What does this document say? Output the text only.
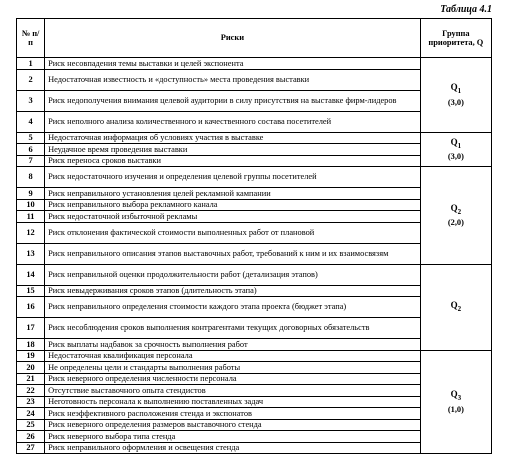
Таблица 4.1
№ п/п	Риски	Группа приоритета, Q
1	Риск несовпадения темы выставки и целей экспонента	$Q_1$
(3,0)

2	Недостаточная известность и «доступность» места проведения выставки	
3	Риск недополучения внимания целевой аудитории в силу присутствия на выставке фирм-лидеров	
4	Риск неполного анализа количественного и качественного состава посетителей	
5	Недостаточная информация об условиях участия в выставке	$Q_1$
(3,0)

6	Неудачное время проведения выставки	
7	Риск переноса сроков выставки	
8	Риск недостаточного изучения и определения целевой группы посетителей	$Q_2$
(2,0)

9	Риск неправильного установления целей рекламной кампании	
10	Риск неправильного выбора рекламного канала	
11	Риск недостаточной избыточной рекламы	
12	Риск отклонения фактической стоимости выполненных работ от плановой	
13	Риск неправильного описания этапов выставочных работ, требований к ним и их взаимосвязям	
14	Риск неправильной оценки продолжительности работ (детализация этапов)	$Q_2$

15	Риск невыдерживания сроков этапов (длительность этапа)	
16	Риск неправильного определения стоимости каждого этапа проекта (бюджет этапа)	
17	Риск несоблюдения сроков выполнения контрагентами текущих договорных обязательств	
18	Риск выплаты надбавок за срочность выполнения работ	
19	Недостаточная квалификация персонала	$Q_3$
(1,0)

20	Не определены цели и стандарты выполнения работы	
21	Риск неверного определения численности персонала	
22	Отсутствие выставочного опыта стендистов	
23	Неготовность персонала к выполнению поставленных задач	
24	Риск неэффективного расположения стенда и экспонатов	
25	Риск неверного определения размеров выставочного стенда	
26	Риск неверного выбора типа стенда	
27	Риск неправильного оформления и освещения стенда	
